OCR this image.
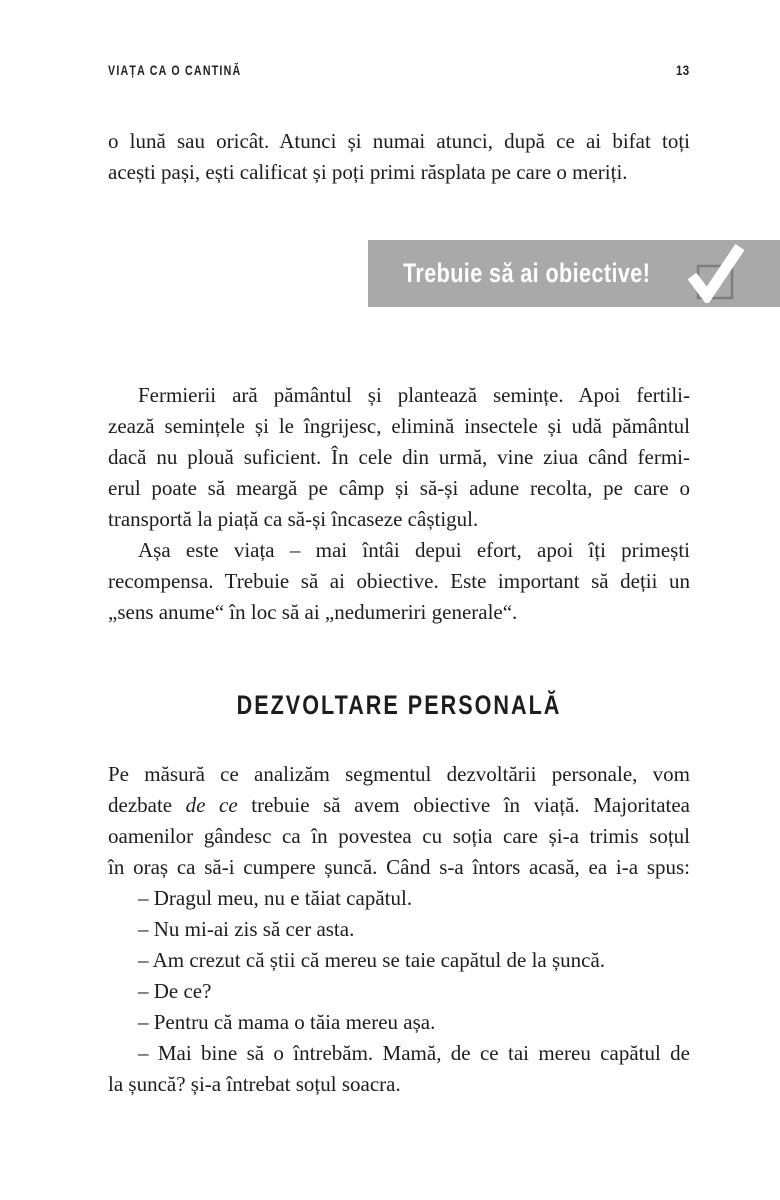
VIAȚA CA O CANTINĂ	13
o lună sau oricât. Atunci și numai atunci, după ce ai bifat toți
acești pași, ești calificat și poți primi răsplata pe care o meriți.
Trebuie să ai obiective!
Fermierii ară pământul și plantează semințe. Apoi fertili-
zează semințele și le îngrijesc, elimină insectele și udă pământul
dacă nu plouă suficient. În cele din urmă, vine ziua când fermi-
erul poate să meargă pe câmp și să-și adune recolta, pe care o
transportă la piață ca să-și încaseze câștigul.
Așa este viața – mai întâi depui efort, apoi îți primești
recompensa. Trebuie să ai obiective. Este important să deții un
„sens anume“ în loc să ai „nedumeriri generale“.
DEZVOLTARE PERSONALĂ
Pe măsură ce analizăm segmentul dezvoltării personale, vom
dezbate de ce trebuie să avem obiective în viață. Majoritatea
oamenilor gândesc ca în povestea cu soția care și-a trimis soțul
în oraș ca să-i cumpere șuncă. Când s-a întors acasă, ea i-a spus:
– Dragul meu, nu e tăiat capătul.
– Nu mi-ai zis să cer asta.
– Am crezut că știi că mereu se taie capătul de la șuncă.
– De ce?
– Pentru că mama o tăia mereu așa.
– Mai bine să o întrebăm. Mamă, de ce tai mereu capătul de
la șuncă? și-a întrebat soțul soacra.
